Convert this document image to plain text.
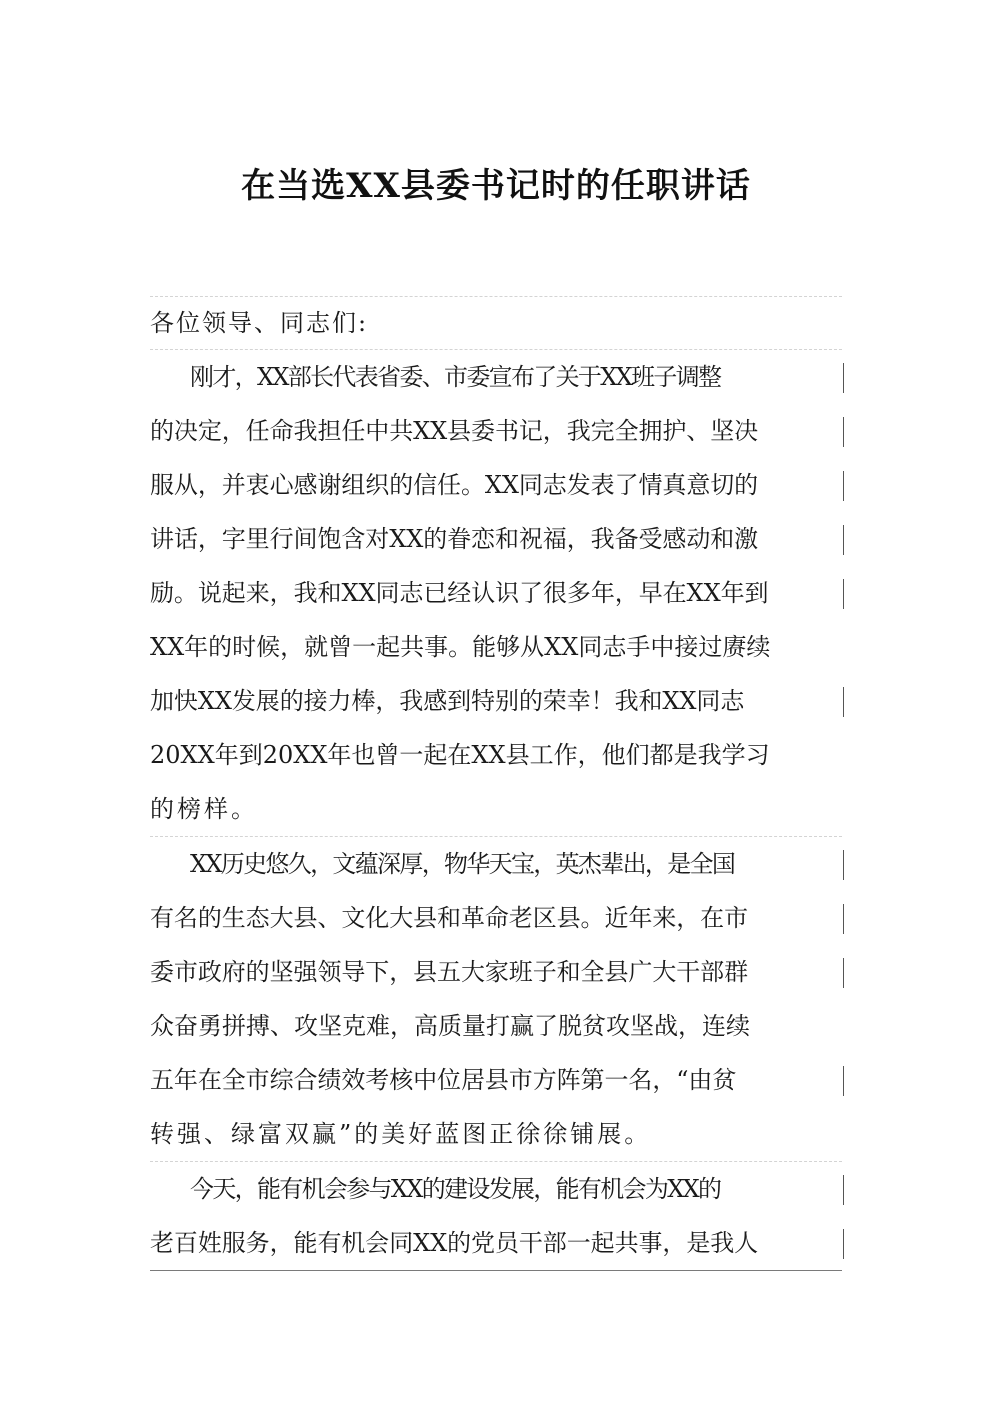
在当选XX县委书记时的任职讲话

各位领导、同志们:

刚才，XX部长代表省委、市委宣布了关于XX班子调整
的决定，任命我担任中共XX县委书记，我完全拥护、坚决
服从，并衷心感谢组织的信任。XX同志发表了情真意切的
讲话，字里行间饱含对XX的眷恋和祝福，我备受感动和激
励。说起来，我和XX同志已经认识了很多年，早在XX年到
XX年的时候，就曾一起共事。能够从XX同志手中接过赓续
加快XX发展的接力棒，我感到特别的荣幸！我和XX同志
20XX年到20XX年也曾一起在XX县工作，他们都是我学习
的榜样。
XX历史悠久，文蕴深厚，物华天宝，英杰辈出，是全国
有名的生态大县、文化大县和革命老区县。近年来，在市
委市政府的坚强领导下，县五大家班子和全县广大干部群
众奋勇拼搏、攻坚克难，高质量打赢了脱贫攻坚战，连续
五年在全市综合绩效考核中位居县市方阵第一名，“由贫
转强、绿富双赢”的美好蓝图正徐徐铺展。
今天，能有机会参与XX的建设发展，能有机会为XX的
老百姓服务，能有机会同XX的党员干部一起共事，是我人
